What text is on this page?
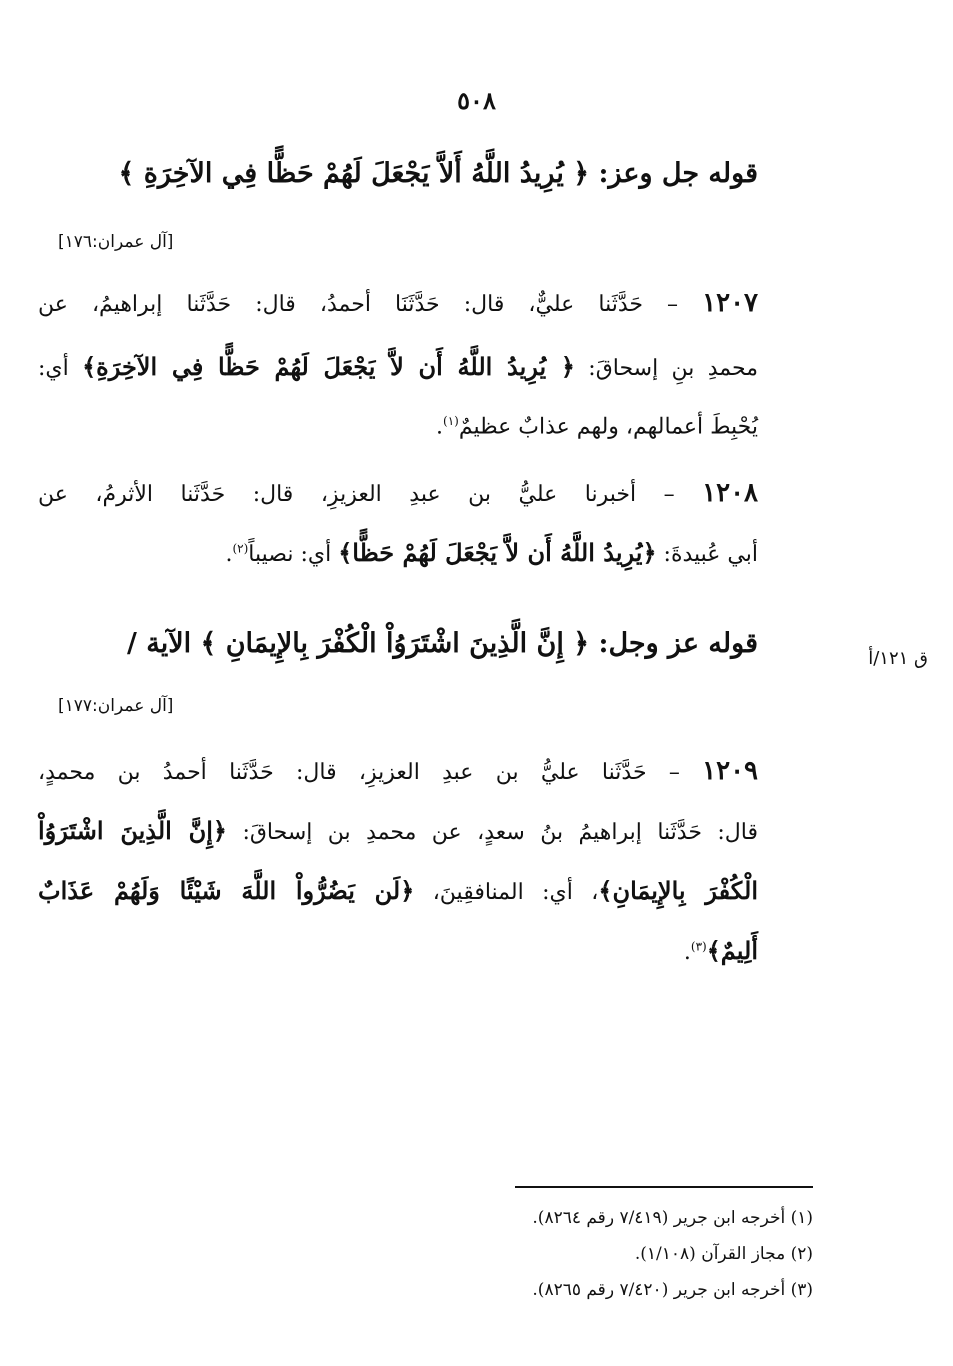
٥٠٨
قوله جل وعز: ﴿ يُرِيدُ اللَّهُ أَلاَّ يَجْعَلَ لَهُمْ حَظًّا فِي الآخِرَةِ ﴾
[آل عمران:١٧٦]
١٢٠٧ – حَدَّثَنا عليٌّ، قال: حَدَّثَنَا أحمدُ، قال: حَدَّثَنا إبراهيمُ، عن
محمدِ بنِ إسحاقَ: ﴿ يُرِيدُ اللَّهُ أَن لاَّ يَجْعَلَ لَهُمْ حَظًّا فِي الآخِرَةِ﴾ أي:
يُحْبِطَ أعمالهم، ولهم عذابٌ عظيمٌ$^{(١)}$.
١٢٠٨ – أخبرنا عليُّ بن عبدِ العزيزِ، قال: حَدَّثَنا الأثرمُ، عن
أبي عُبيدةَ: ﴿يُرِيدُ اللَّهُ أَن لاَّ يَجْعَلَ لَهُمْ حَظًّا﴾ أي: نصيباً$^{(٢)}$.
قوله عز وجل: ﴿ إِنَّ الَّذِينَ اشْتَرَوُاْ الْكُفْرَ بِالإِيمَانِ ﴾ الآية /	ق ١٢١/أ
[آل عمران:١٧٧]
١٢٠٩ – حَدَّثَنا عليُّ بن عبدِ العزيزِ، قال: حَدَّثَنا أحمدُ بن محمدٍ،
قال: حَدَّثَنا إبراهيمُ بنُ سعدٍ، عن محمدِ بن إسحاقَ: ﴿إِنَّ الَّذِينَ اشْتَرَوُاْ
الْكُفْرَ بِالإِيمَانِ﴾، أي: المنافقِينَ، ﴿لَن يَضُرُّواْ اللَّهَ شَيْئًا وَلَهُمْ عَذَابٌ
أَلِيمٌ﴾$^{(٣)}$.
(١) أخرجه ابن جرير (٧/٤١٩ رقم ٨٢٦٤).
(٢) مجاز القرآن (١/١٠٨).
(٣) أخرجه ابن جرير (٧/٤٢٠ رقم ٨٢٦٥).
